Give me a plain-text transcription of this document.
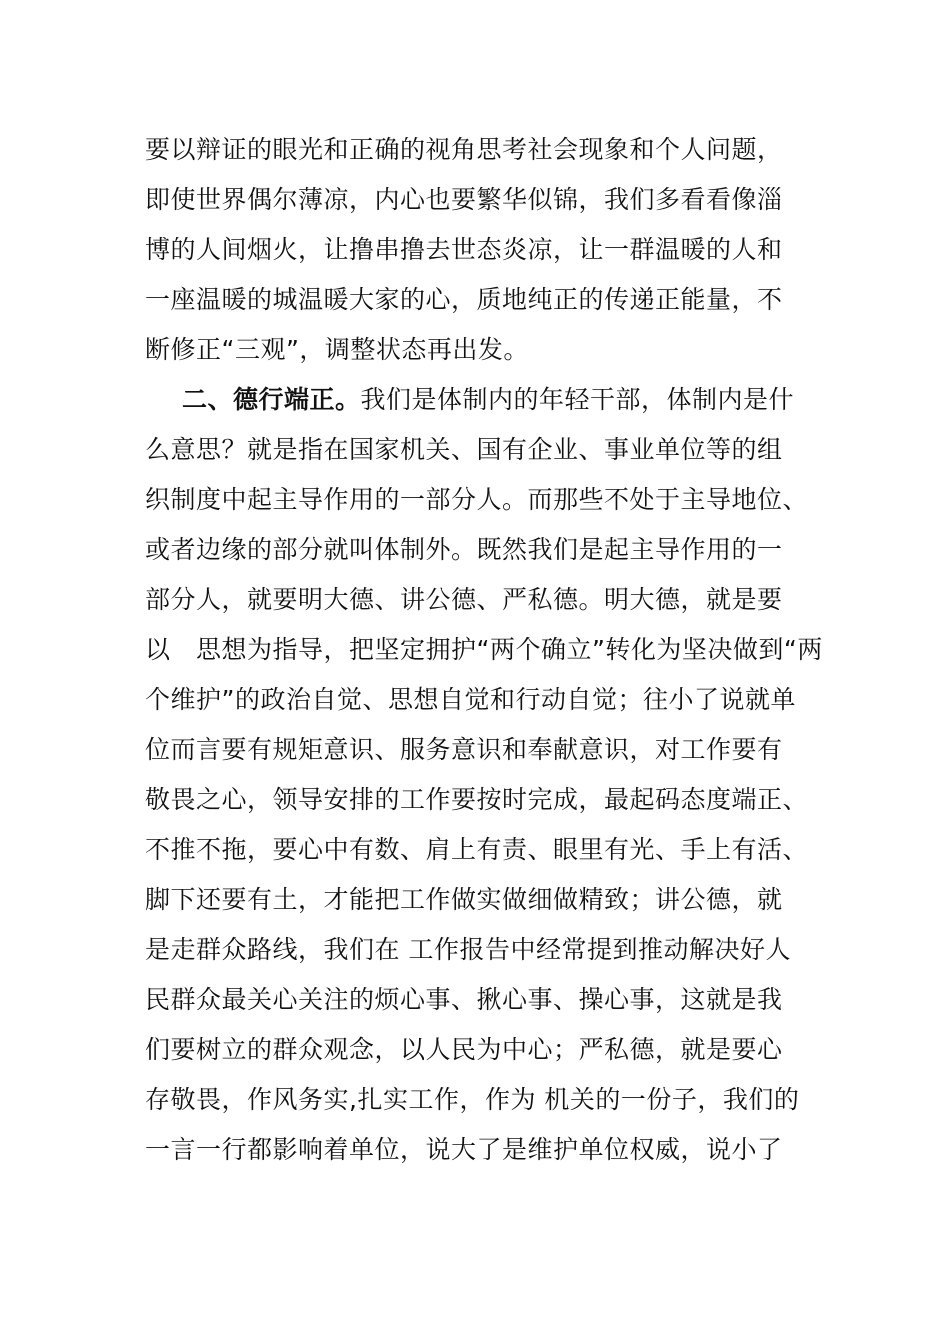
要以辩证的眼光和正确的视角思考社会现象和个人问题，
即使世界偶尔薄凉，内心也要繁华似锦，我们多看看像淄
博的人间烟火，让撸串撸去世态炎凉，让一群温暖的人和
一座温暖的城温暖大家的心，质地纯正的传递正能量，不
断修正“三观”，调整状态再出发。
二、德行端正。我们是体制内的年轻干部，体制内是什
么意思？就是指在国家机关、国有企业、事业单位等的组
织制度中起主导作用的一部分人。而那些不处于主导地位、
或者边缘的部分就叫体制外。既然我们是起主导作用的一
部分人，就要明大德、讲公德、严私德。明大德，就是要
以　思想为指导，把坚定拥护“两个确立”转化为坚决做到“两
个维护”的政治自觉、思想自觉和行动自觉；往小了说就单
位而言要有规矩意识、服务意识和奉献意识，对工作要有
敬畏之心，领导安排的工作要按时完成，最起码态度端正、
不推不拖，要心中有数、肩上有责、眼里有光、手上有活、
脚下还要有土，才能把工作做实做细做精致；讲公德，就
是走群众路线，我们在 工作报告中经常提到推动解决好人
民群众最关心关注的烦心事、揪心事、操心事，这就是我
们要树立的群众观念，以人民为中心；严私德，就是要心
存敬畏，作风务实,扎实工作，作为 机关的一份子，我们的
一言一行都影响着单位，说大了是维护单位权威，说小了
